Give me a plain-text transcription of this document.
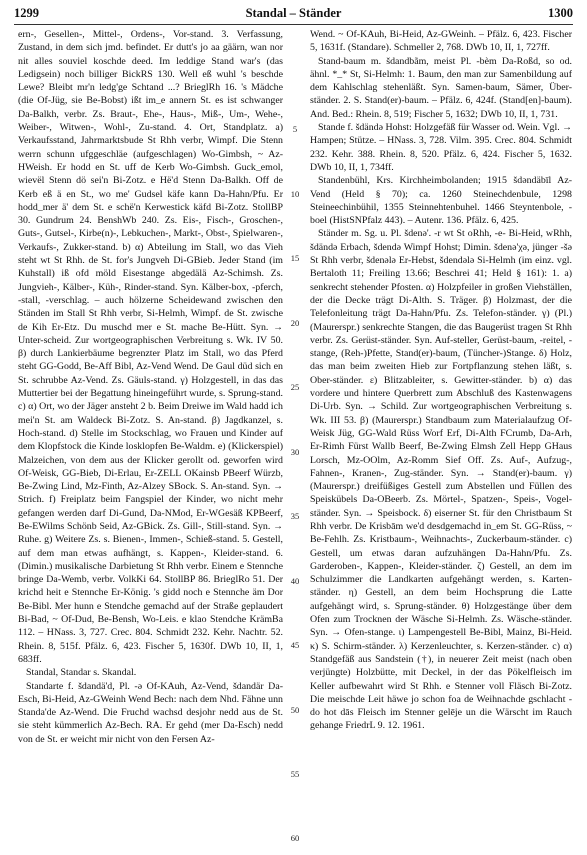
1299	Standal – Ständer	1300

ern-, Gesellen-, Mittel-, Ordens-, Vor-stand. 3. Verfassung, Zustand, in dem sich jmd. befindet. Er dutt's jo aa gäärn, wan nor nit alles souviel koschde deed. Im leddige Stand war's (das Ledigsein) noch billiger BickRS 130. Well eß wuhl 's beschde Lewe? Bleibt mr'n ledg'ge Schtand ...? BrieglRh 16. 's Mädche (die Of-Jüg, sie Be-Bobst) ißt im_e annern St. es ist schwanger Da-Balkh, verbr. Zs. Braut-, Ehe-, Haus-, Miß-, Um-, Wehe-, Weiber-, Witwen-, Wohl-, Zu-stand. 4. Ort, Standplatz. a) Verkaufsstand, Jahrmarktsbude St Rhh verbr, Wimpf. Die Stenn werrn schunn ufggeschläe (aufgeschlagen) Wo-Gimbsh, ~ Az-HWeish. Er hodd en St. uff de Kerb Wo-Gimbsh. Guck_emol, wievël Stenn dö sei'n Bi-Zotz. e Hë'd Stenn Da-Balkh. Off de Kerb eß ä en St., wo me' Gudsel käfe kann Da-Hahn/Pfu. Er hodd_mer ä' dem St. e schë'n Kerwestick käfd Bi-Zotz. StollBP 30. Gundrum 24. BenshWb 240. Zs. Eis-, Fisch-, Groschen-, Guts-, Gutsel-, Kirbe(n)-, Lebkuchen-, Markt-, Obst-, Spielwaren-, Verkaufs-, Zukker-stand. b) α) Abteilung im Stall, wo das Vieh steht wt St Rhh. de St. for's Jungveh Di-GBieb. Jeder Stand (im Kuhstall) iß ofd möld Eisestange abgedälä Az-Schimsh. Zs. Jungvieh-, Kälber-, Küh-, Rinder-stand. Syn. Kälber-box, -pferch, -stall, -verschlag. – auch hölzerne Scheidewand zwischen den Ständen im Stall St Rhh verbr, Si-Helmh, Wimpf. de St. zwische de Kih Er-Etz. Du muschd mer e St. mache Be-Hütt. Syn. → Unter-scheid. Zur wortgeographischen Verbreitung s. Wk. IV 50. β) durch Lankierbäume begrenzter Platz im Stall, wo das Pferd steht GG-Godd, Be-Aff Bibl, Az-Vend Wend. De Gaul düd sich en St. schrubbe Az-Vend. Zs. Gäuls-stand. γ) Holzgestell, in das das Muttertier bei der Begattung hineingeführt wurde, s. Sprung-stand. c) α) Ort, wo der Jäger ansteht 2 b. Beim Dreiwe im Wald hadd ich mei'n St. am Waldeck Bi-Zotz. S. An-stand. β) Jagdkanzel, s. Hoch-stand. d) Stelle im Stockschlag, wo Frauen und Kinder auf dem Klopfstock die Kinde losklopfen Be-Waldm. e) (Klickerspiel) Malzeichen, von dem aus der Klicker gerollt od. geworfen wird Of-Weisk, GG-Bieb, Di-Erlau, Er-ZELL OKainsb PBeerf Würzb, Be-Zwing Lind, Mz-Finth, Az-Alzey SBock. S. An-stand. Syn. → Strich. f) Freiplatz beim Fangspiel der Kinder, wo nicht mehr gefangen werden darf Di-Gund, Da-NMod, Er-WGesäß KPBeerf, Be-EWilms Schönb Seid, Az-GBick. Zs. Gill-, Still-stand. Syn. → Ruhe. g) Weitere Zs. s. Bienen-, Immen-, Schieß-stand. 5. Gestell, auf dem man etwas aufhängt, s. Kappen-, Kleider-stand. 6. (Dimin.) musikalische Darbietung St Rhh verbr. Einem e Stennche bringe Da-Wemb, verbr. VolkKi 64. StollBP 86. BrieglRo 51. Der krichd heit e Stennche Er-König. 's gidd noch e Stennche äm Dor Be-Bibl. Mer hunn e Stendche gemachd auf der Straße geplaudert Bi-Bad, ~ Of-Dud, Be-Bensh, Wo-Leis. e klao Stendche KrämBa 112. – HNass. 3, 727. Crec. 804. Schmidt 232. Kehr. Nachtr. 52. Rhein. 8, 515f. Pfälz. 6, 423. Fischer 5, 1630f. DWb 10, II, 1, 683ff.

Standal, Standar s. Skandal.

Standarte f. šdandä'd, Pl. -ə Of-KAuh, Az-Vend, šdandär Da-Esch, Bi-Heid, Az-GWeinh Wend Bech: nach dem Nhd. Fähne unn Standa'de Az-Wend. Die Fruchd wachsd desjohr nedd aus de St. sie steht kümmerlich Az-Bech. RA. Er gehd (mer Da-Esch) nedd von de St. er weicht mir nicht von den Fersen Az-

5
10
15
20
25
30
35
40
45
50
55
60

Wend. ~ Of-KAuh, Bi-Heid, Az-GWeinh. – Pfälz. 6, 423. Fischer 5, 1631f. (Standare). Schmeller 2, 768. DWb 10, II, 1, 727ff.

Stand-baum m. šdandbãm, meist Pl. -bèm Da-Roßd, so od. ähnl. *_* St, Si-Helmh: 1. Baum, den man zur Samenbildung auf dem Kahlschlag stehenläßt. Syn. Samen-baum, Sämer, Über-ständer. 2. S. Stand(er)-baum. – Pfälz. 6, 424f. (Stand[en]-baum). And. Bed.: Rhein. 8, 519; Fischer 5, 1632; DWb 10, II, 1, 731.

Stande f. šdändə Hohst: Holzgefäß für Wasser od. Wein. Vgl. → Hampen; Stütze. – HNass. 3, 728. Vilm. 395. Crec. 804. Schmidt 232. Kehr. 388. Rhein. 8, 520. Pfälz. 6, 424. Fischer 5, 1632. DWb 10, II, 1, 734ff.

Standenbühl, Krs. Kirchheimbolanden; 1915 šdəndäbīl Az-Vend (Held § 70); ca. 1260 Steinechdenbule, 1298 Steineechinbühil, 1355 Steinnehtenbuhel. 1466 Steyntenbole, -boel (HistSNPfalz 443). – Autenr. 136. Pfälz. 6, 425.

Ständer m. Sg. u. Pl. šdenə'. -r wt St oRhh, -e- Bi-Heid, wRhh, šdändə Erbach, šdendə Wimpf Hohst; Dimin. šdenə'χə, jünger -šə St Rhh verbr, šdenələ Er-Hebst, šdendələ Si-Helmh (im einz. vgl. Bertaloth 11; Freiling 13.66; Beschrei 41; Held § 161): 1. a) senkrecht stehender Pfosten. α) Holzpfeiler in großen Viehställen, der die Decke trägt Di-Alth. S. Träger. β) Holzmast, der die Telefonleitung trägt Da-Hahn/Pfu. Zs. Telefon-ständer. γ) (Pl.) (Maurerspr.) senkrechte Stangen, die das Baugerüst tragen St Rhh verbr. Zs. Gerüst-ständer. Syn. Auf-steller, Gerüst-baum, -reitel, -stange, (Reh-)Pfette, Stand(er)-baum, (Tüncher-)Stange. δ) Holz, das man beim zweiten Hieb zur Fortpflanzung stehen läßt, s. Ober-ständer. ε) Blitzableiter, s. Gewitter-ständer. b) α) das vordere und hintere Querbrett zum Abschluß des Kastenwagens Di-Urb. Syn. → Schild. Zur wortgeographischen Verbreitung s. Wk. III 53. β) (Maurerspr.) Standbaum zum Materialaufzug Of-Weisk Jüg, GG-Wald Rüss Worf Erf, Di-Alth FCrumb, Da-Arh, Er-Rimh Fürst Wallb Beerf, Be-Zwing Elmsh Zell Hepp GHaus Lorsch, Mz-OOlm, Az-Romm Sief Off. Zs. Auf-, Aufzug-, Fahnen-, Kranen-, Zug-ständer. Syn. → Stand(er)-baum. γ) (Maurerspr.) dreifüßiges Gestell zum Abstellen und Füllen des Speiskübels Da-OBeerb. Zs. Mörtel-, Spatzen-, Speis-, Vogel-ständer. Syn. → Speisbock. δ) eiserner St. für den Christbaum St Rhh verbr. De Krisbām we'd desdgemachd in_em St. GG-Rüss, ~ Be-Fehlh. Zs. Kristbaum-, Weihnachts-, Zuckerbaum-ständer. c) Gestell, um etwas daran aufzuhängen Da-Hahn/Pfu. Zs. Garderoben-, Kappen-, Kleider-ständer. ζ) Gestell, an dem im Schulzimmer die Landkarten aufgehängt werden, s. Karten-ständer. η) Gestell, an dem beim Hochsprung die Latte aufgehängt wird, s. Sprung-ständer. θ) Holzgestänge über dem Ofen zum Trocknen der Wäsche Si-Helmh. Zs. Wäsche-ständer. Syn. → Ofen-stange. ι) Lampengestell Be-Bibl, Mainz, Bi-Heid. κ) S. Schirm-ständer. λ) Kerzenleuchter, s. Kerzen-ständer. c) α) Standgefäß aus Sandstein (†), in neuerer Zeit meist (nach oben verjüngte) Holzbütte, mit Deckel, in der das Pökelfleisch im Keller aufbewahrt wird St Rhh. e Stenner voll Fläsch Bi-Zotz. Die meischde Leit häwe jo schon foa de Weihnachde gschlacht - do hot dās Fleisch im Stenner gelēje un die Wärscht im Rauch gehange FriedrL 9. 12. 1961.
